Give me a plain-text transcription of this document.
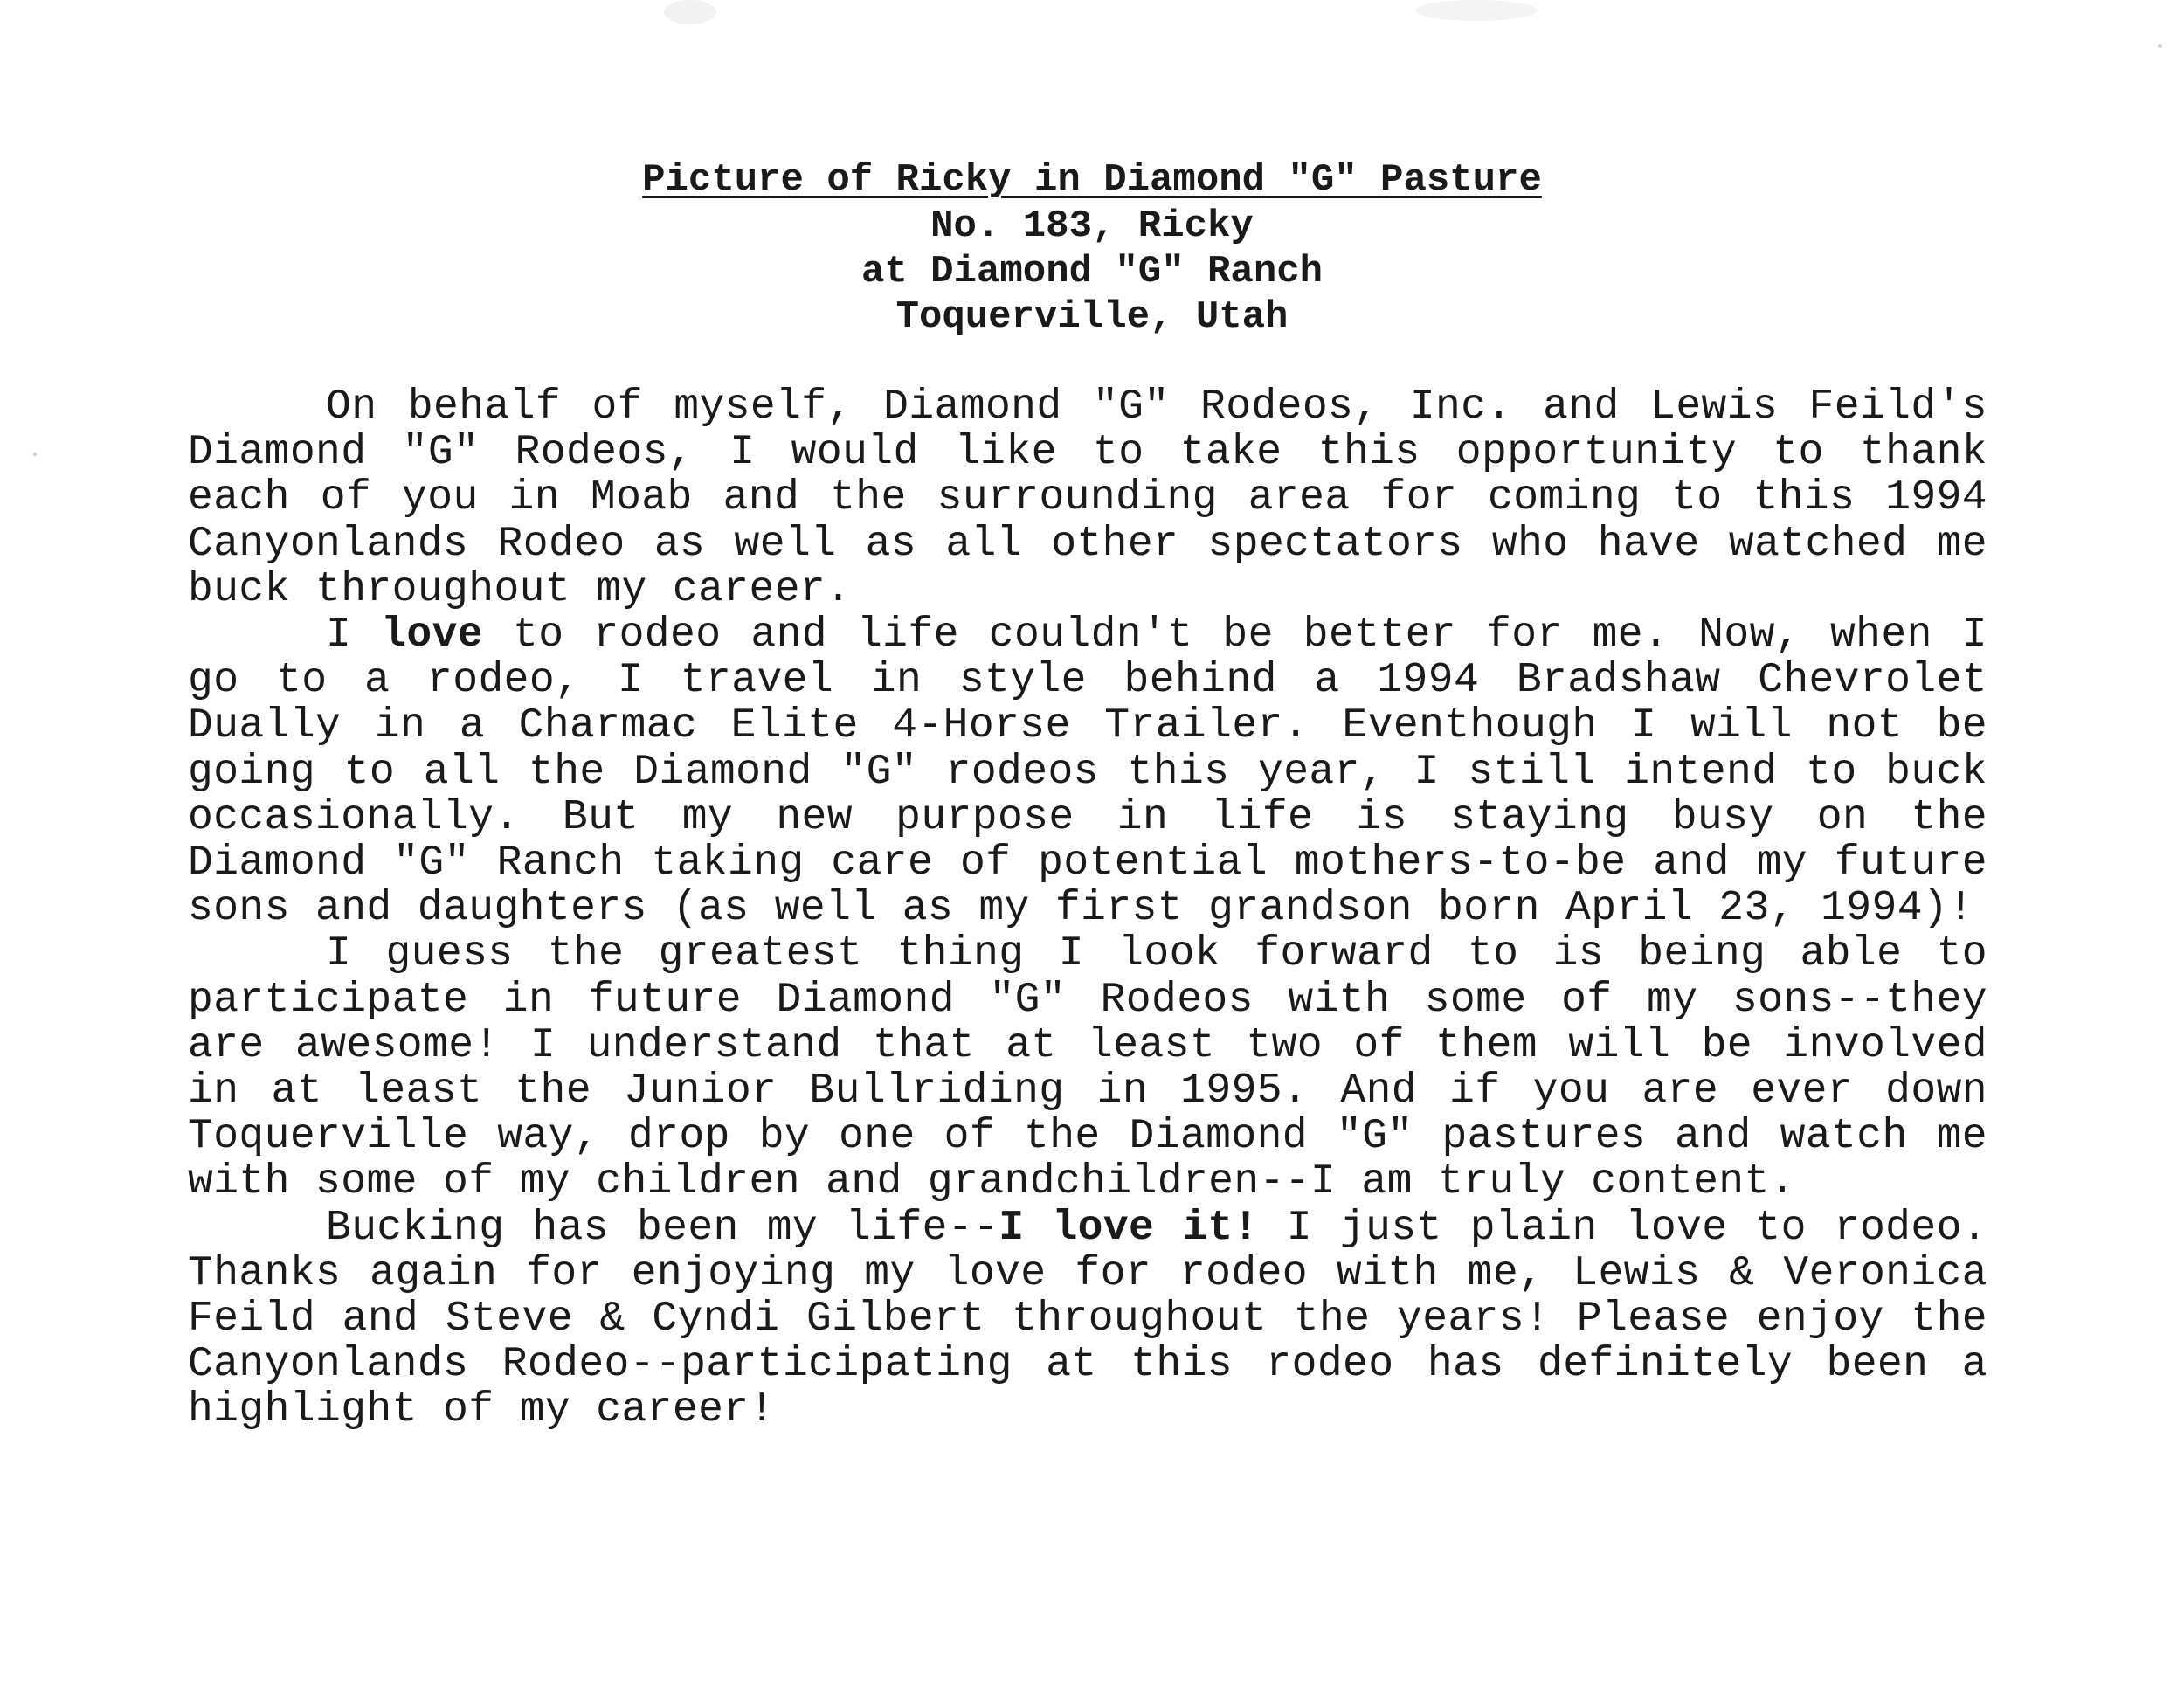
Picture of Ricky in Diamond "G" Pasture
No. 183, Ricky
at Diamond "G" Ranch
Toquerville, Utah

On behalf of myself, Diamond "G" Rodeos, Inc. and Lewis Feild's Diamond "G" Rodeos, I would like to take this opportunity to thank each of you in Moab and the surrounding area for coming to this 1994 Canyonlands Rodeo as well as all other spectators who have watched me buck throughout my career.

I love to rodeo and life couldn't be better for me. Now, when I go to a rodeo, I travel in style behind a 1994 Bradshaw Chevrolet Dually in a Charmac Elite 4-Horse Trailer. Eventhough I will not be going to all the Diamond "G" rodeos this year, I still intend to buck occasionally. But my new purpose in life is staying busy on the Diamond "G" Ranch taking care of potential mothers-to-be and my future sons and daughters (as well as my first grandson born April 23, 1994)!

I guess the greatest thing I look forward to is being able to participate in future Diamond "G" Rodeos with some of my sons--they are awesome! I understand that at least two of them will be involved in at least the Junior Bullriding in 1995. And if you are ever down Toquerville way, drop by one of the Diamond "G" pastures and watch me with some of my children and grandchildren--I am truly content.

Bucking has been my life--I love it! I just plain love to rodeo. Thanks again for enjoying my love for rodeo with me, Lewis & Veronica Feild and Steve & Cyndi Gilbert throughout the years! Please enjoy the Canyonlands Rodeo--participating at this rodeo has definitely been a highlight of my career!
